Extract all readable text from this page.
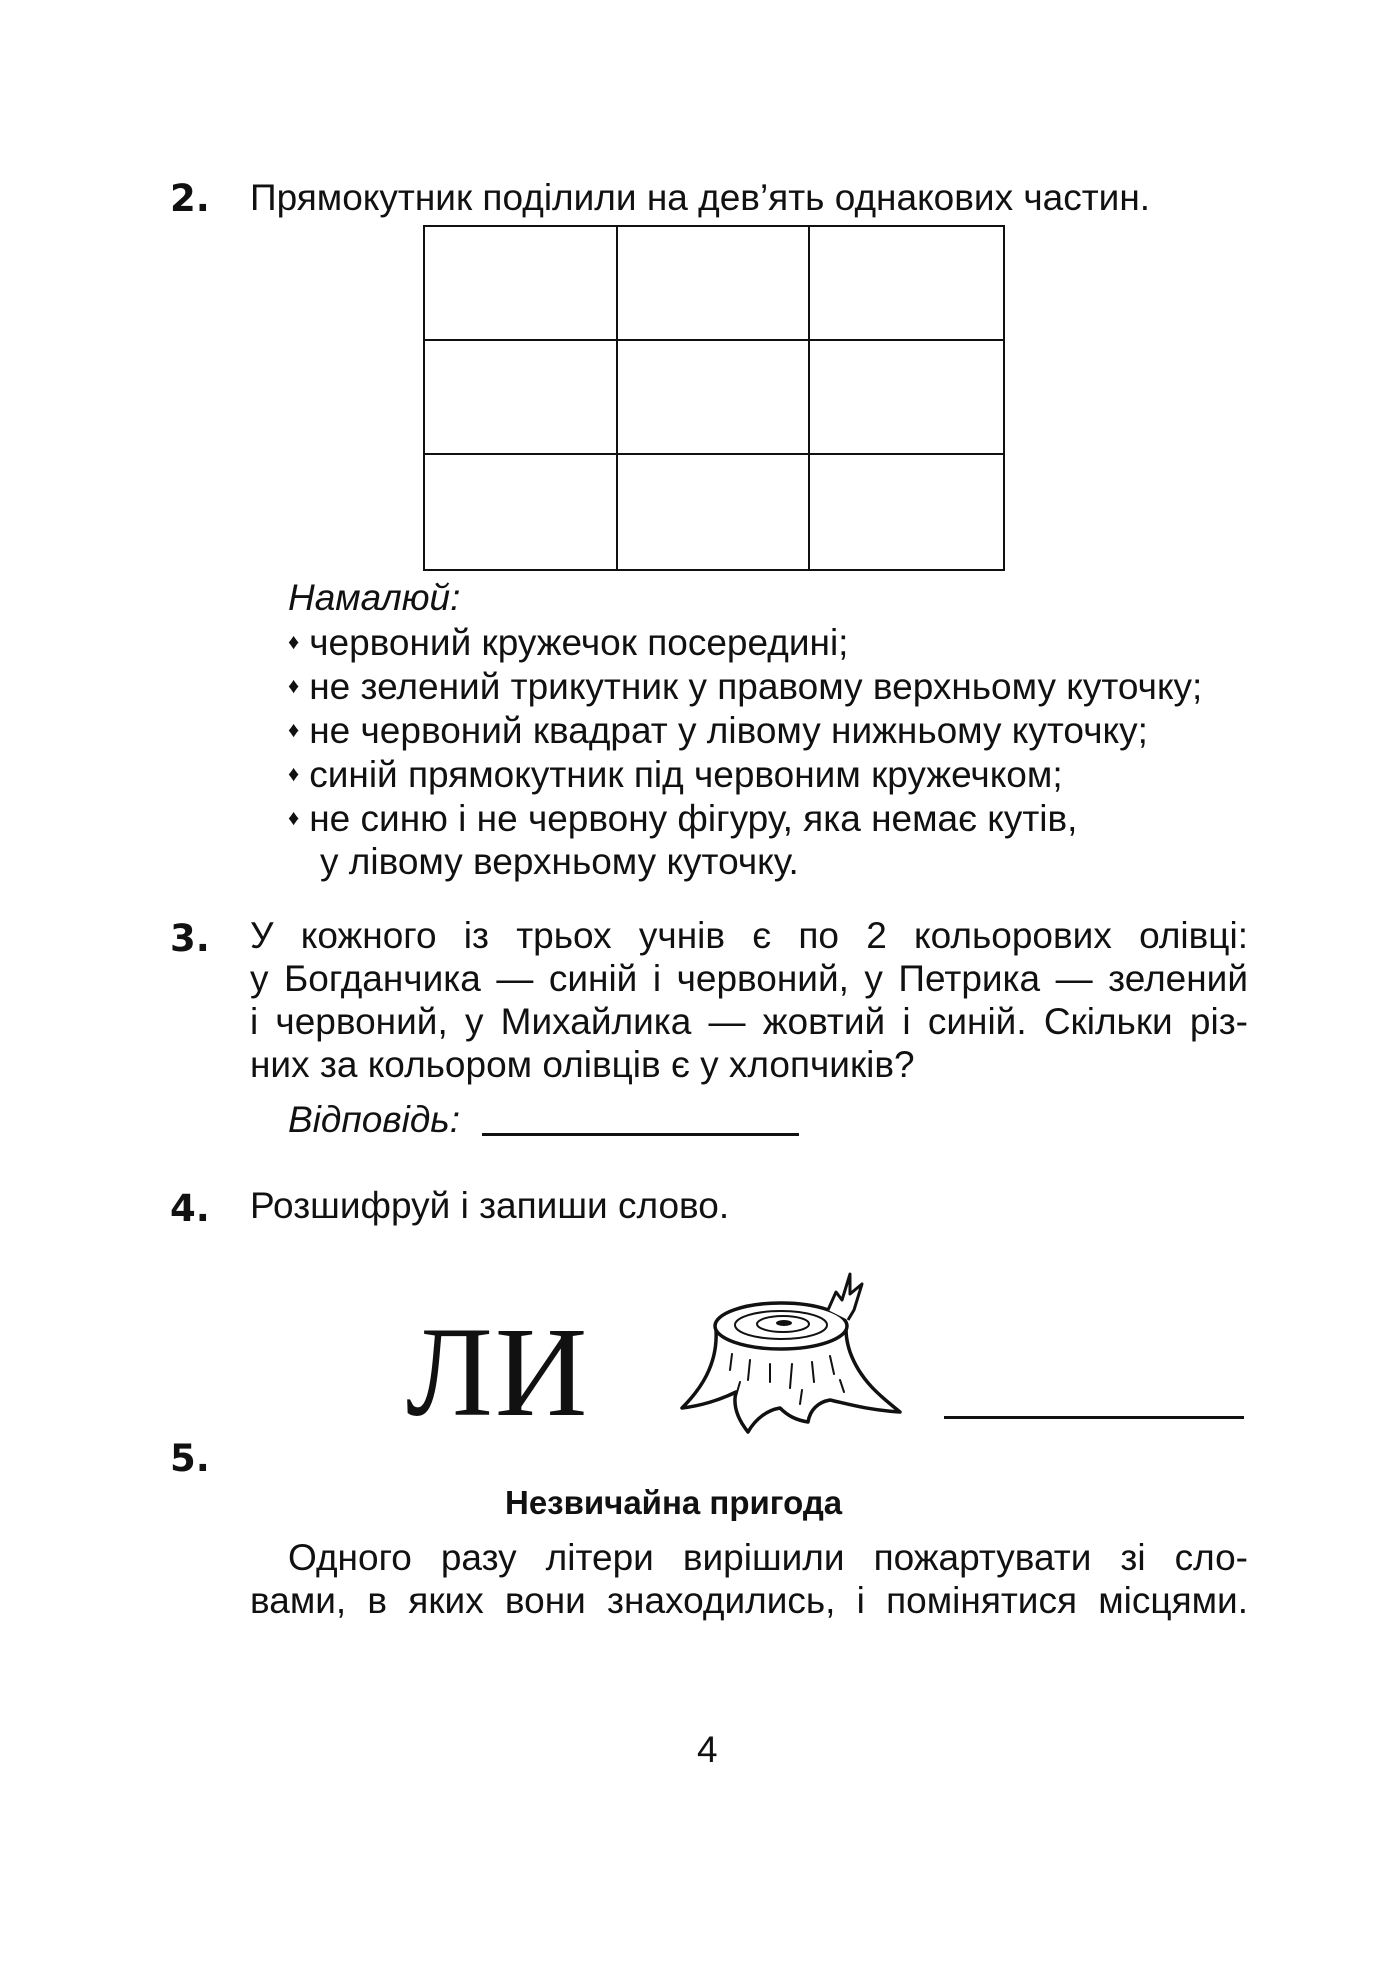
2. Прямокутник поділили на дев’ять однакових частин.
Намалюй:
♦ червоний кружечок посередині;
♦ не зелений трикутник у правому верхньому куточку;
♦ не червоний квадрат у лівому нижньому куточку;
♦ синій прямокутник під червоним кружечком;
♦ не синю і не червону фігуру, яка немає кутів,
у лівому верхньому куточку.
3. У кожного із трьох учнів є по 2 кольорових олівці:
у Богданчика — синій і червоний, у Петрика — зелений
і червоний, у Михайлика — жовтий і синій. Скільки різ-
них за кольором олівців є у хлопчиків?
Відповідь:
4. Розшифруй і запиши слово.
ЛИ
5.
Незвичайна пригода
Одного разу літери вирішили пожартувати зі сло-
вами, в яких вони знаходились, і помінятися місцями.
4
